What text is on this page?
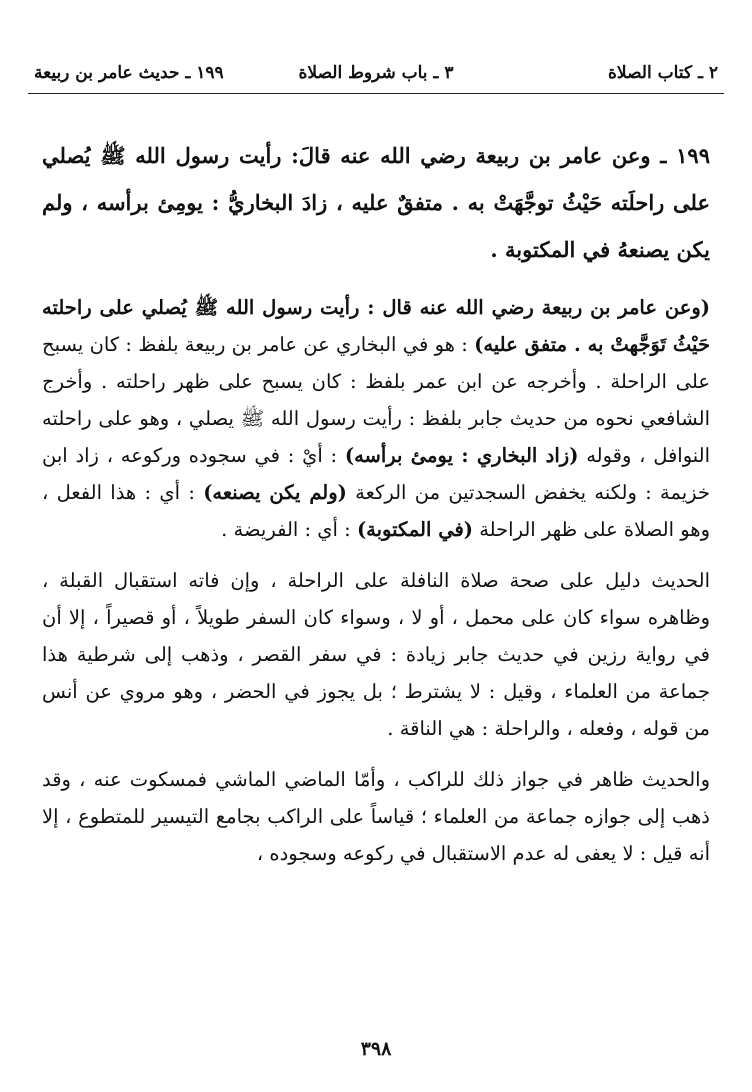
٢ ـ كتاب الصلاة
٣ ـ باب شروط الصلاة
١٩٩ ـ حديث عامر بن ربيعة

١٩٩ ـ وعن عامر بن ربيعة رضي الله عنه قالَ: رأيت رسول الله ﷺ يُصلي على راحلَته حَيْثُ توجَّهَتْ به . متفقٌ عليه ، زادَ البخاريُّ : يومِئ برأسه ، ولم يكن يصنعهُ في المكتوبة .

(وعن عامر بن ربيعة رضي الله عنه قال : رأيت رسول الله ﷺ يُصلي على راحلته حَيْثُ تَوَجَّهتْ به . متفق عليه) : هو في البخاري عن عامر بن ربيعة بلفظ : كان يسبح على الراحلة . وأخرجه عن ابن عمر بلفظ : كان يسبح على ظهر راحلته . وأخرج الشافعي نحوه من حديث جابر بلفظ : رأيت رسول الله ﷺ يصلي ، وهو على راحلته النوافل ، وقوله (زاد البخاري : يومئ برأسه) : أيْ : في سجوده وركوعه ، زاد ابن خزيمة : ولكنه يخفض السجدتين من الركعة (ولم يكن يصنعه) : أي : هذا الفعل ، وهو الصلاة على ظهر الراحلة (في المكتوبة) : أي : الفريضة .

الحديث دليل على صحة صلاة النافلة على الراحلة ، وإن فاته استقبال القبلة ، وظاهره سواء كان على محمل ، أو لا ، وسواء كان السفر طويلاً ، أو قصيراً ، إلا أن في رواية رزين في حديث جابر زيادة : في سفر القصر ، وذهب إلى شرطية هذا جماعة من العلماء ، وقيل : لا يشترط ؛ بل يجوز في الحضر ، وهو مروي عن أنس من قوله ، وفعله ، والراحلة : هي الناقة .

والحديث ظاهر في جواز ذلك للراكب ، وأمّا الماضي الماشي فمسكوت عنه ، وقد ذهب إلى جوازه جماعة من العلماء ؛ قياساً على الراكب بجامع التيسير للمتطوع ، إلا أنه قيل : لا يعفى له عدم الاستقبال في ركوعه وسجوده ،

٣٩٨
